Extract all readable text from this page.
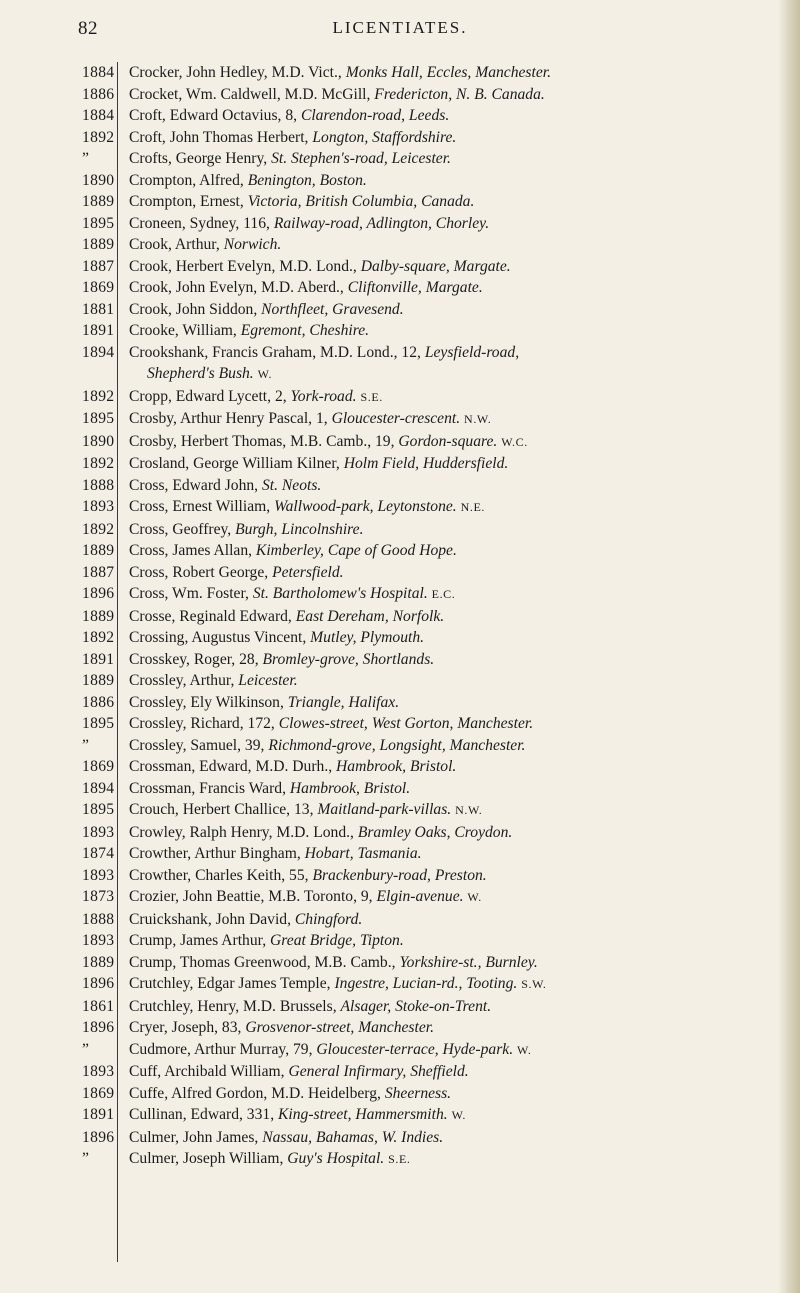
82	LICENTIATES.
1884 Crocker, John Hedley, M.D. Vict., Monks Hall, Eccles, Manchester.
1886 Crocket, Wm. Caldwell, M.D. McGill, Fredericton, N. B. Canada.
1884 Croft, Edward Octavius, 8, Clarendon-road, Leeds.
1892 Croft, John Thomas Herbert, Longton, Staffordshire.
”	Crofts, George Henry, St. Stephen's-road, Leicester.
1890 Crompton, Alfred, Benington, Boston.
1889 Crompton, Ernest, Victoria, British Columbia, Canada.
1895 Croneen, Sydney, 116, Railway-road, Adlington, Chorley.
1889 Crook, Arthur, Norwich.
1887 Crook, Herbert Evelyn, M.D. Lond., Dalby-square, Margate.
1869 Crook, John Evelyn, M.D. Aberd., Cliftonville, Margate.
1881 Crook, John Siddon, Northfleet, Gravesend.
1891 Crooke, William, Egremont, Cheshire.
1894 Crookshank, Francis Graham, M.D. Lond., 12, Leysfield-road,
Shepherd's Bush. W.
1892 Cropp, Edward Lycett, 2, York-road. S.E.
1895 Crosby, Arthur Henry Pascal, 1, Gloucester-crescent. N.W.
1890 Crosby, Herbert Thomas, M.B. Camb., 19, Gordon-square. W.C.
1892 Crosland, George William Kilner, Holm Field, Huddersfield.
1888 Cross, Edward John, St. Neots.
1893 Cross, Ernest William, Wallwood-park, Leytonstone. N.E.
1892 Cross, Geoffrey, Burgh, Lincolnshire.
1889 Cross, James Allan, Kimberley, Cape of Good Hope.
1887 Cross, Robert George, Petersfield.
1896 Cross, Wm. Foster, St. Bartholomew's Hospital. E.C.
1889 Crosse, Reginald Edward, East Dereham, Norfolk.
1892 Crossing, Augustus Vincent, Mutley, Plymouth.
1891 Crosskey, Roger, 28, Bromley-grove, Shortlands.
1889 Crossley, Arthur, Leicester.
1886 Crossley, Ely Wilkinson, Triangle, Halifax.
1895 Crossley, Richard, 172, Clowes-street, West Gorton, Manchester.
”	Crossley, Samuel, 39, Richmond-grove, Longsight, Manchester.
1869 Crossman, Edward, M.D. Durh., Hambrook, Bristol.
1894 Crossman, Francis Ward, Hambrook, Bristol.
1895 Crouch, Herbert Challice, 13, Maitland-park-villas. N.W.
1893 Crowley, Ralph Henry, M.D. Lond., Bramley Oaks, Croydon.
1874 Crowther, Arthur Bingham, Hobart, Tasmania.
1893 Crowther, Charles Keith, 55, Brackenbury-road, Preston.
1873 Crozier, John Beattie, M.B. Toronto, 9, Elgin-avenue. W.
1888 Cruickshank, John David, Chingford.
1893 Crump, James Arthur, Great Bridge, Tipton.
1889 Crump, Thomas Greenwood, M.B. Camb., Yorkshire-st., Burnley.
1896 Crutchley, Edgar James Temple, Ingestre, Lucian-rd., Tooting. S.W.
1861 Crutchley, Henry, M.D. Brussels, Alsager, Stoke-on-Trent.
1896 Cryer, Joseph, 83, Grosvenor-street, Manchester.
”	Cudmore, Arthur Murray, 79, Gloucester-terrace, Hyde-park. W.
1893 Cuff, Archibald William, General Infirmary, Sheffield.
1869 Cuffe, Alfred Gordon, M.D. Heidelberg, Sheerness.
1891 Cullinan, Edward, 331, King-street, Hammersmith. W.
1896 Culmer, John James, Nassau, Bahamas, W. Indies.
”	Culmer, Joseph William, Guy's Hospital. S.E.
